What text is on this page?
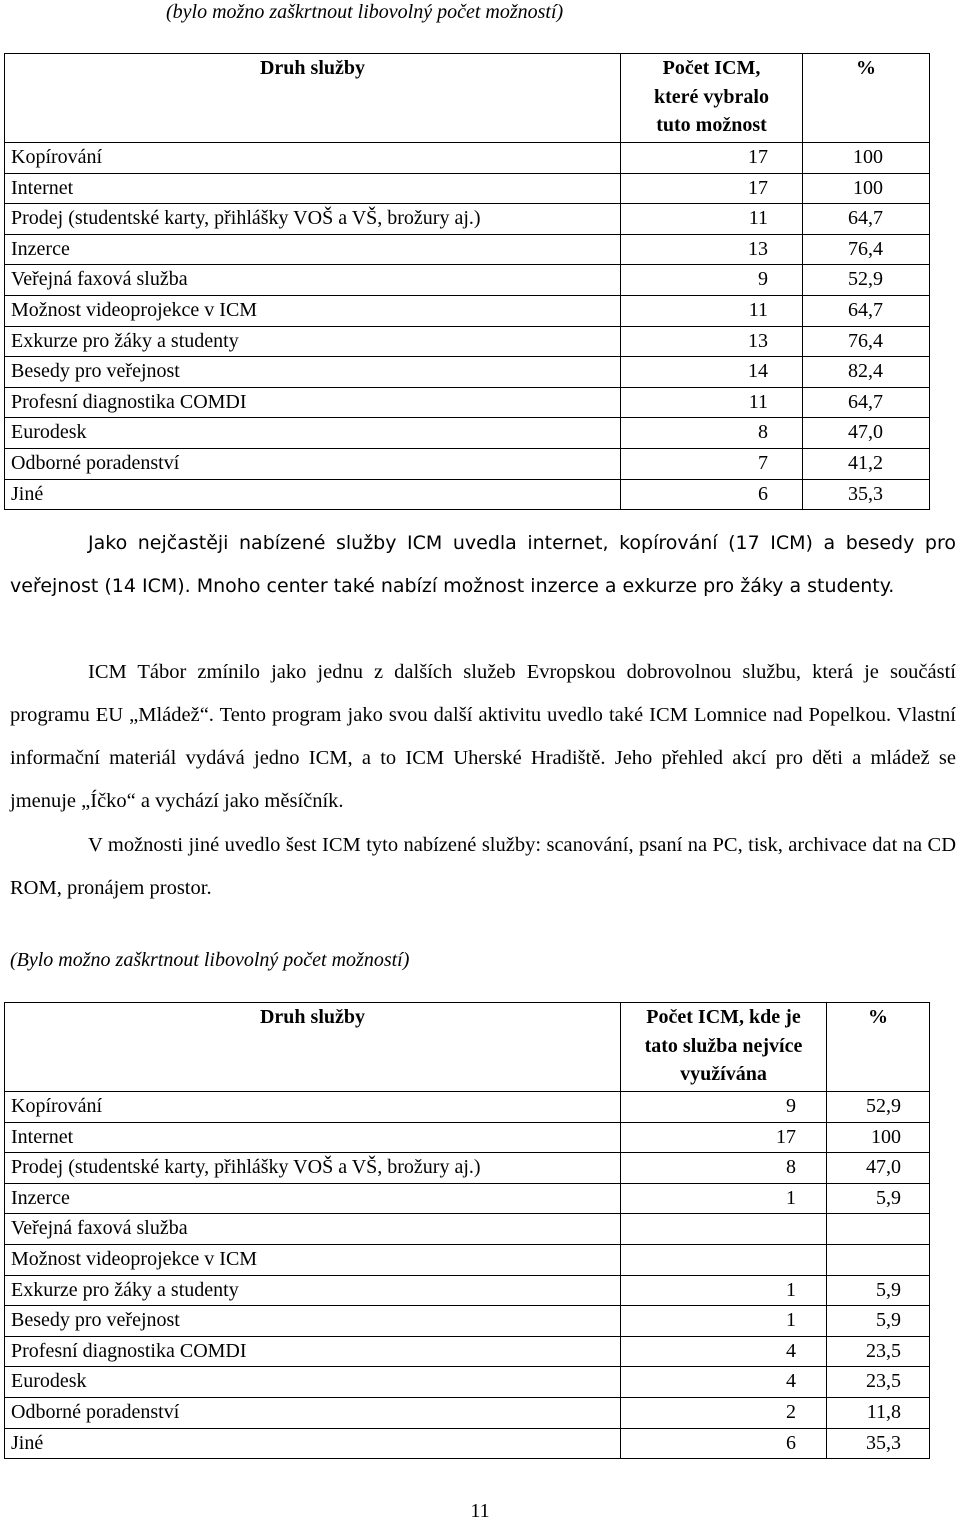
(bylo možno zaškrtnout libovolný počet možností)
Druh služby	Počet ICM, které vybralo tuto možnost	%
Kopírování	17	100
Internet	17	100
Prodej (studentské karty, přihlášky VOŠ a VŠ, brožury aj.)	11	64,7
Inzerce	13	76,4
Veřejná faxová služba	9	52,9
Možnost videoprojekce v ICM	11	64,7
Exkurze pro žáky a studenty	13	76,4
Besedy pro veřejnost	14	82,4
Profesní diagnostika COMDI	11	64,7
Eurodesk	8	47,0
Odborné poradenství	7	41,2
Jiné	6	35,3
Jako nejčastěji nabízené služby ICM uvedla internet, kopírování (17 ICM) a besedy pro veřejnost (14 ICM). Mnoho center také nabízí možnost inzerce a exkurze pro žáky a studenty.
ICM Tábor zmínilo jako jednu z dalších služeb Evropskou dobrovolnou službu, která je součástí programu EU „Mládež“. Tento program jako svou další aktivitu uvedlo také ICM Lomnice nad Popelkou. Vlastní informační materiál vydává jedno ICM, a to ICM Uherské Hradiště. Jeho přehled akcí pro děti a mládež se jmenuje „Íčko“ a vychází jako měsíčník.
V možnosti jiné uvedlo šest ICM tyto nabízené služby: scanování, psaní na PC, tisk, archivace dat na CD ROM, pronájem prostor.
(Bylo možno zaškrtnout libovolný počet možností)
Druh služby	Počet ICM, kde je tato služba nejvíce využívána	%
Kopírování	9	52,9
Internet	17	100
Prodej (studentské karty, přihlášky VOŠ a VŠ, brožury aj.)	8	47,0
Inzerce	1	5,9
Veřejná faxová služba		
Možnost videoprojekce v ICM		
Exkurze pro žáky a studenty	1	5,9
Besedy pro veřejnost	1	5,9
Profesní diagnostika COMDI	4	23,5
Eurodesk	4	23,5
Odborné poradenství	2	11,8
Jiné	6	35,3
11
